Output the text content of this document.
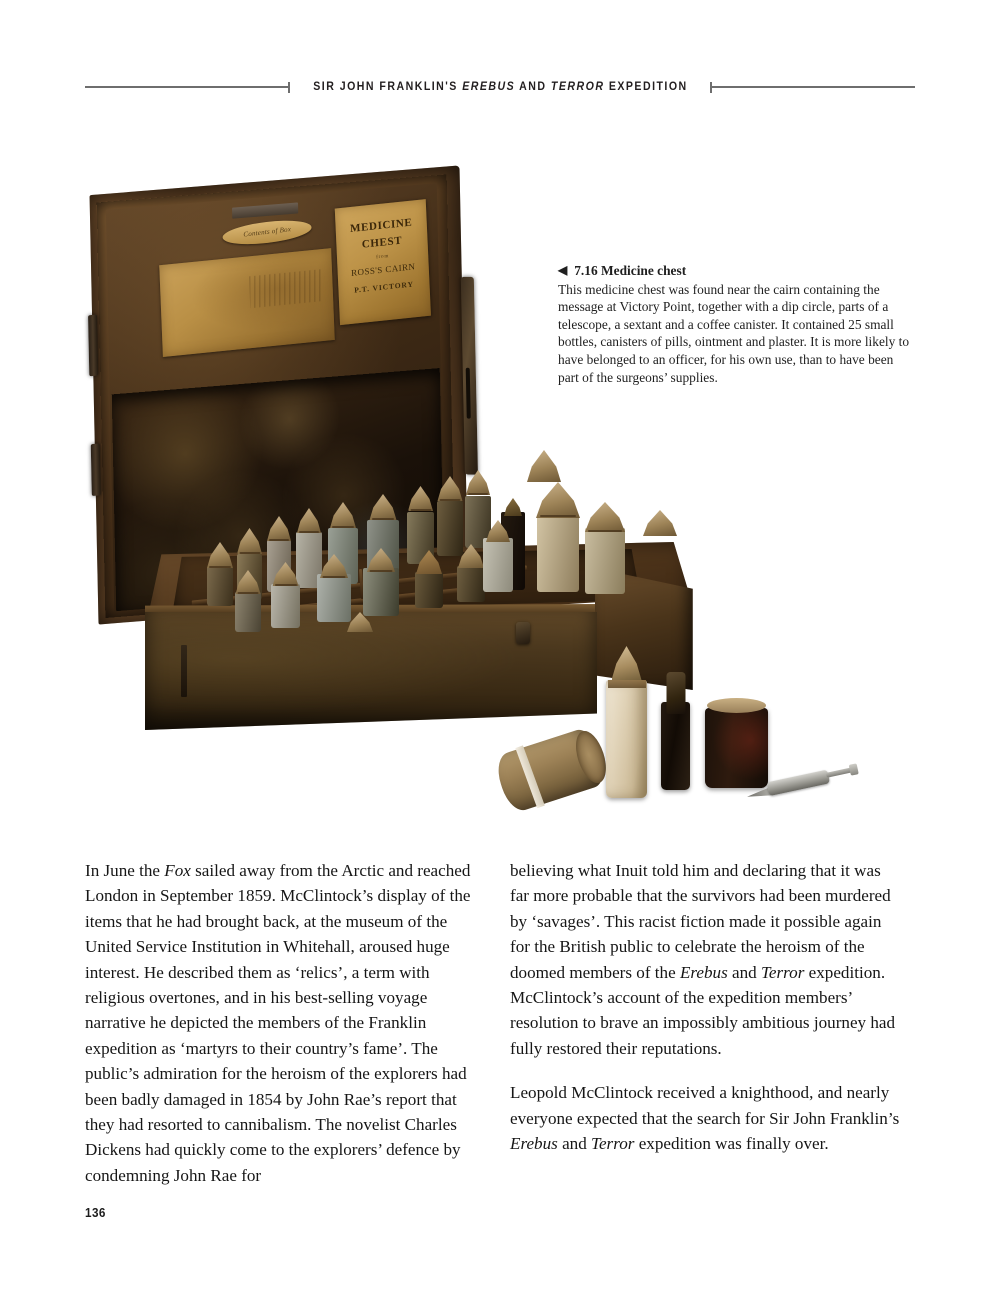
SIR JOHN FRANKLIN'S EREBUS AND TERROR EXPEDITION
Contents of Box	MEDICINE
CHEST
from
ROSS'S CAIRN
P.T. VICTORY
◀ 7.16 Medicine chest

This medicine chest was found near the cairn containing the message at Victory Point, together with a dip circle, parts of a telescope, a sextant and a coffee canister. It contained 25 small bottles, canisters of pills, ointment and plaster. It is more likely to have belonged to an officer, for his own use, than to have been part of the surgeons’ supplies.

In June the Fox sailed away from the Arctic and reached London in September 1859. McClintock’s display of the items that he had brought back, at the museum of the United Service Institution in Whitehall, aroused huge interest. He described them as ‘relics’, a term with religious overtones, and in his best-selling voyage narrative he depicted the members of the Franklin expedition as ‘martyrs to their country’s fame’. The public’s admiration for the heroism of the explorers had been badly damaged in 1854 by John Rae’s report that they had resorted to cannibalism. The novelist Charles Dickens had quickly come to the explorers’ defence by condemning John Rae for

believing what Inuit told him and declaring that it was far more probable that the survivors had been murdered by ‘savages’. This racist fiction made it possible again for the British public to celebrate the heroism of the doomed members of the Erebus and Terror expedition. McClintock’s account of the expedition members’ resolution to brave an impossibly ambitious journey had fully restored their reputations.

Leopold McClintock received a knighthood, and nearly everyone expected that the search for Sir John Franklin’s Erebus and Terror expedition was finally over.

136
